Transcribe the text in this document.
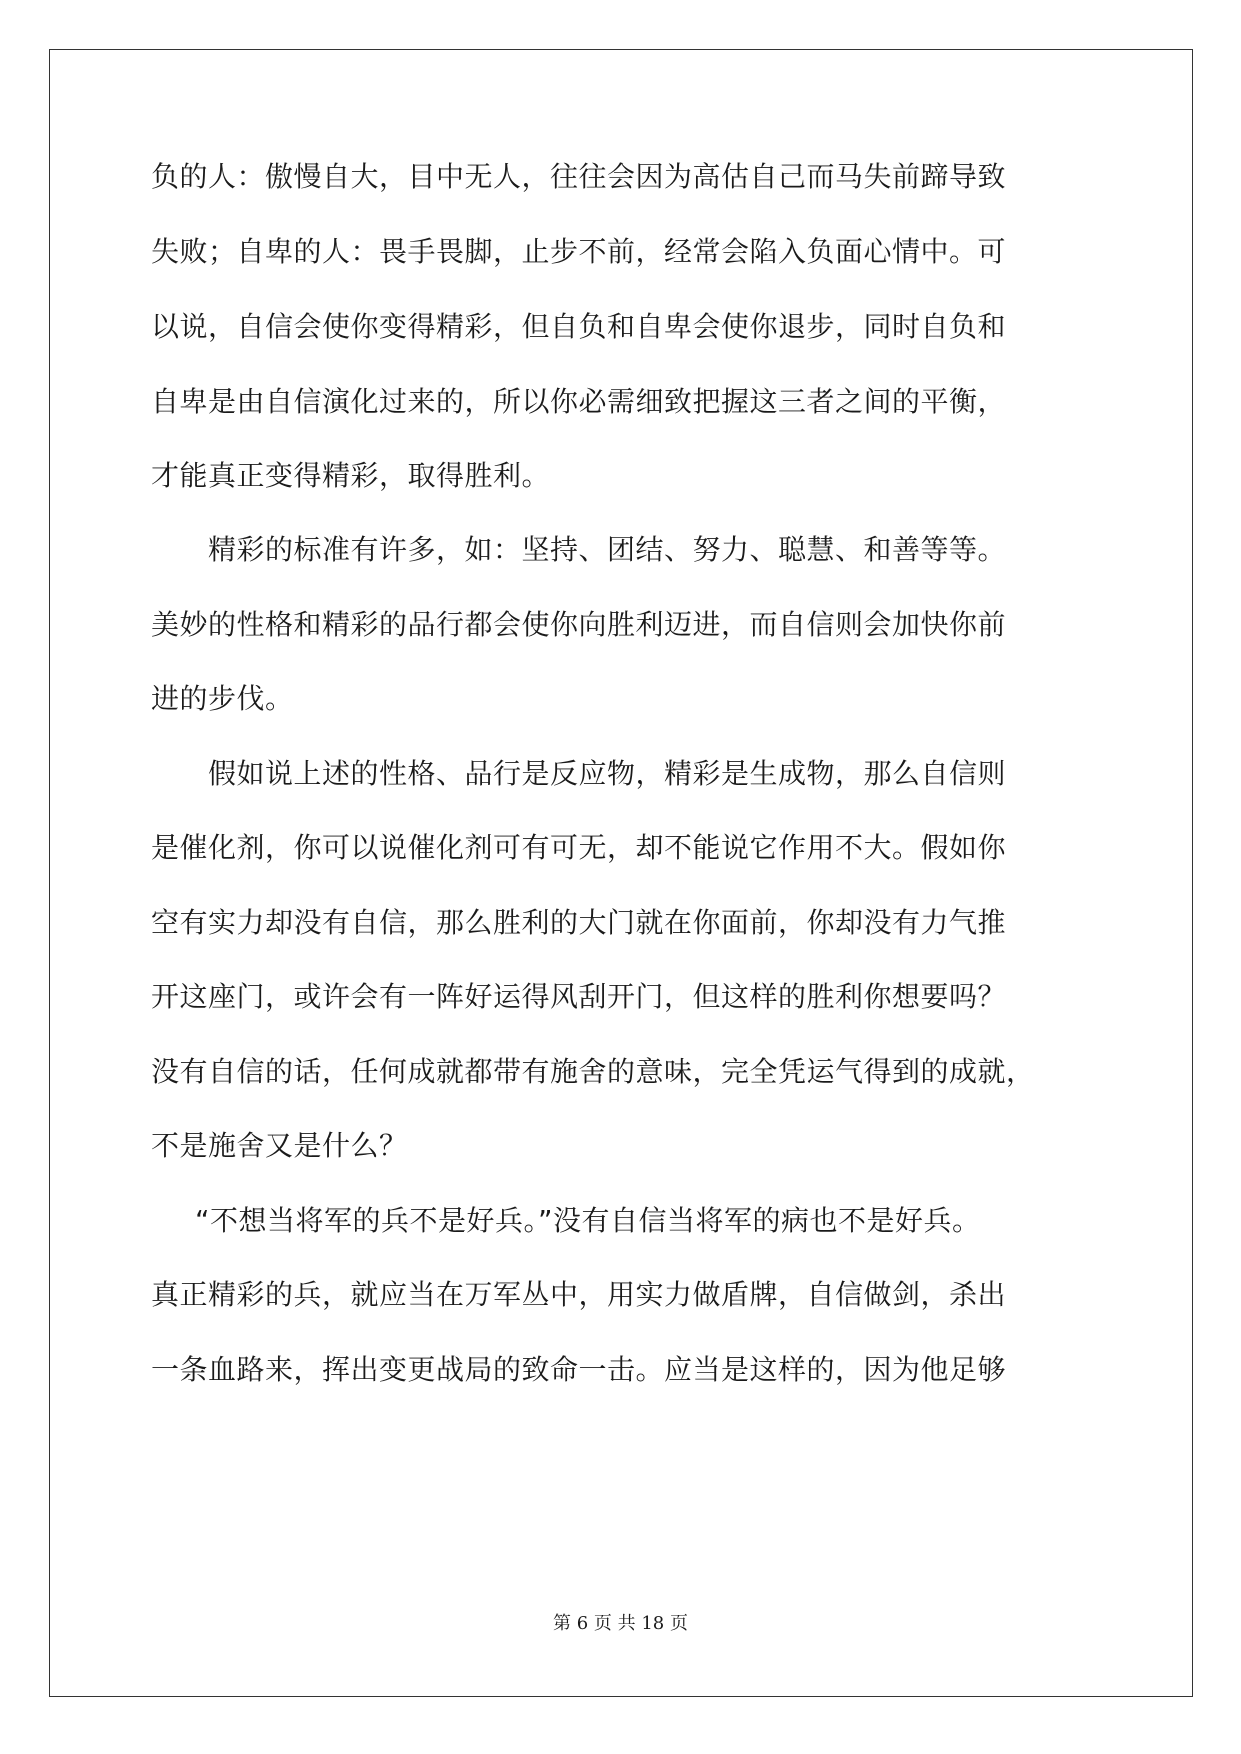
负的人：傲慢自大，目中无人，往往会因为高估自己而马失前蹄导致
失败；自卑的人：畏手畏脚，止步不前，经常会陷入负面心情中。可
以说，自信会使你变得精彩，但自负和自卑会使你退步，同时自负和
自卑是由自信演化过来的，所以你必需细致把握这三者之间的平衡，
才能真正变得精彩，取得胜利。
精彩的标准有许多，如：坚持、团结、努力、聪慧、和善等等。
美妙的性格和精彩的品行都会使你向胜利迈进，而自信则会加快你前
进的步伐。
假如说上述的性格、品行是反应物，精彩是生成物，那么自信则
是催化剂，你可以说催化剂可有可无，却不能说它作用不大。假如你
空有实力却没有自信，那么胜利的大门就在你面前，你却没有力气推
开这座门，或许会有一阵好运得风刮开门，但这样的胜利你想要吗？
没有自信的话，任何成就都带有施舍的意味，完全凭运气得到的成就，
不是施舍又是什么？
“不想当将军的兵不是好兵。”没有自信当将军的病也不是好兵。
真正精彩的兵，就应当在万军丛中，用实力做盾牌，自信做剑，杀出
一条血路来，挥出变更战局的致命一击。应当是这样的，因为他足够
第 6 页 共 18 页
